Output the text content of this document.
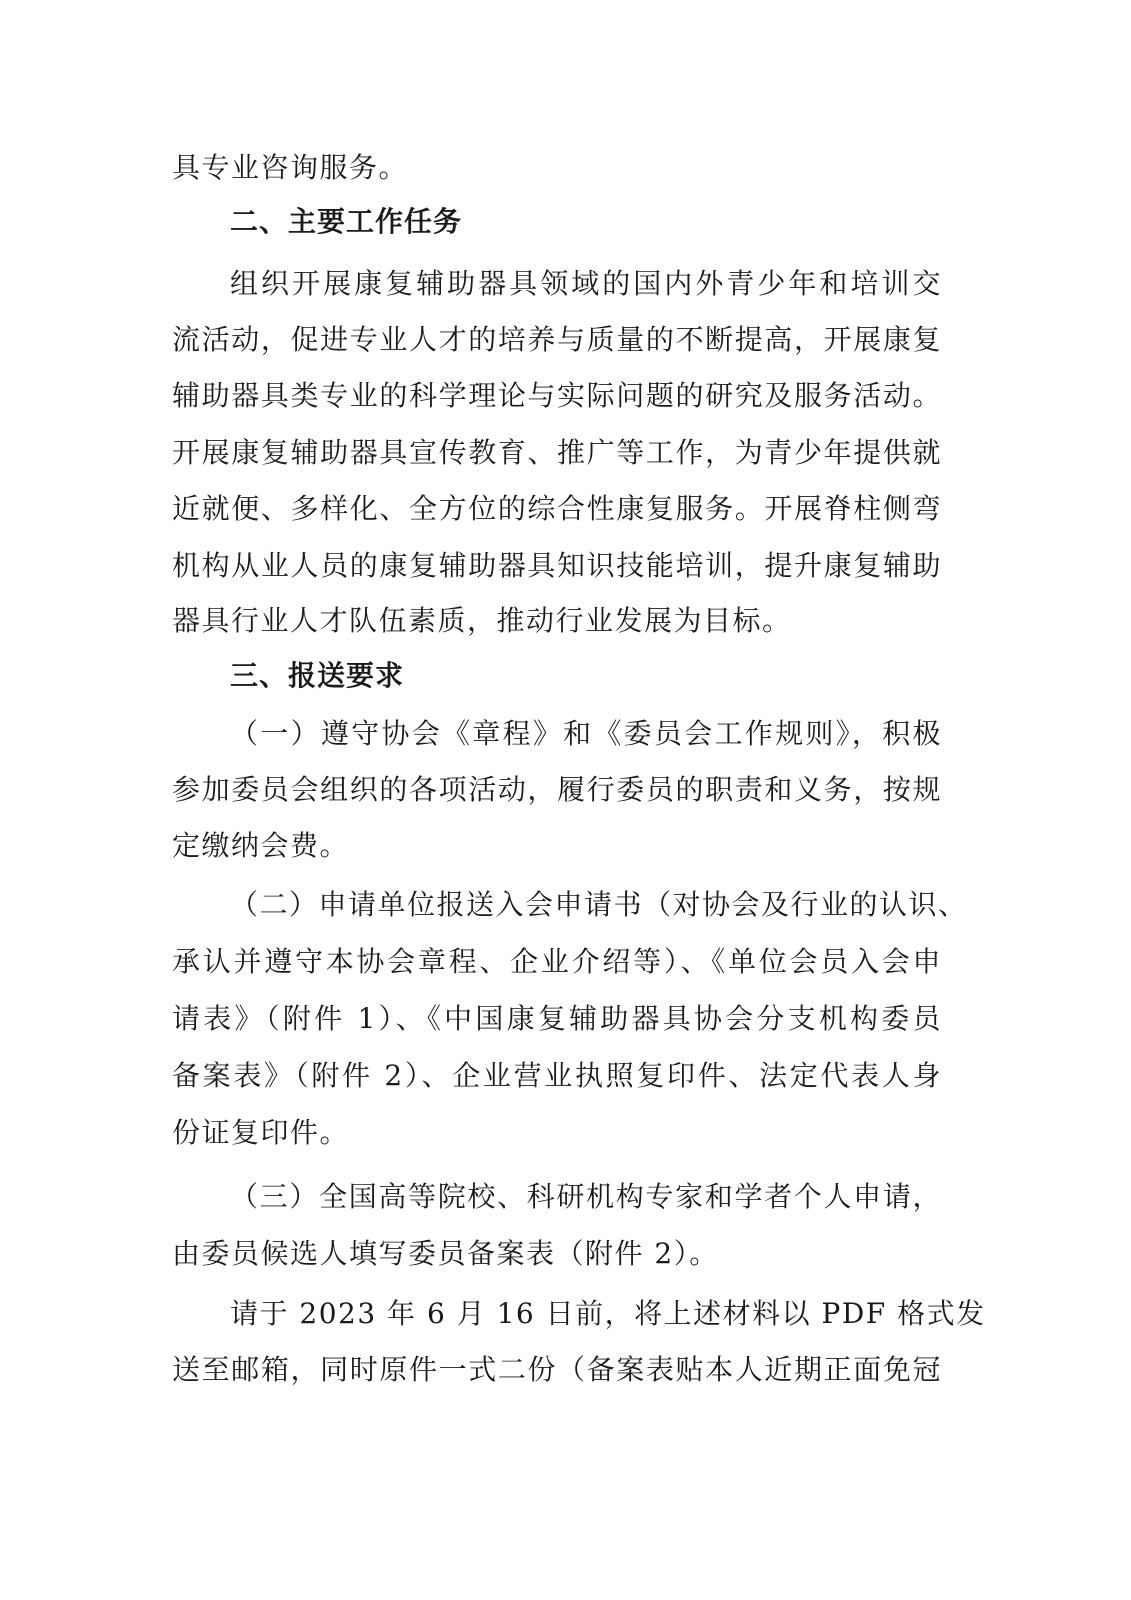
具专业咨询服务。
二、主要工作任务
组织开展康复辅助器具领域的国内外青少年和培训交
流活动，促进专业人才的培养与质量的不断提高，开展康复
辅助器具类专业的科学理论与实际问题的研究及服务活动。
开展康复辅助器具宣传教育、推广等工作，为青少年提供就
近就便、多样化、全方位的综合性康复服务。开展脊柱侧弯
机构从业人员的康复辅助器具知识技能培训，提升康复辅助
器具行业人才队伍素质，推动行业发展为目标。
三、报送要求
（一）遵守协会《章程》和《委员会工作规则》，积极
参加委员会组织的各项活动，履行委员的职责和义务，按规
定缴纳会费。
（二）申请单位报送入会申请书（对协会及行业的认识、
承认并遵守本协会章程、企业介绍等）、《单位会员入会申
请表》（附件 1）、《中国康复辅助器具协会分支机构委员
备案表》（附件 2）、企业营业执照复印件、法定代表人身
份证复印件。
（三）全国高等院校、科研机构专家和学者个人申请，
由委员候选人填写委员备案表（附件 2）。
请于 2023 年 6 月 16 日前，将上述材料以 PDF 格式发
送至邮箱，同时原件一式二份（备案表贴本人近期正面免冠
